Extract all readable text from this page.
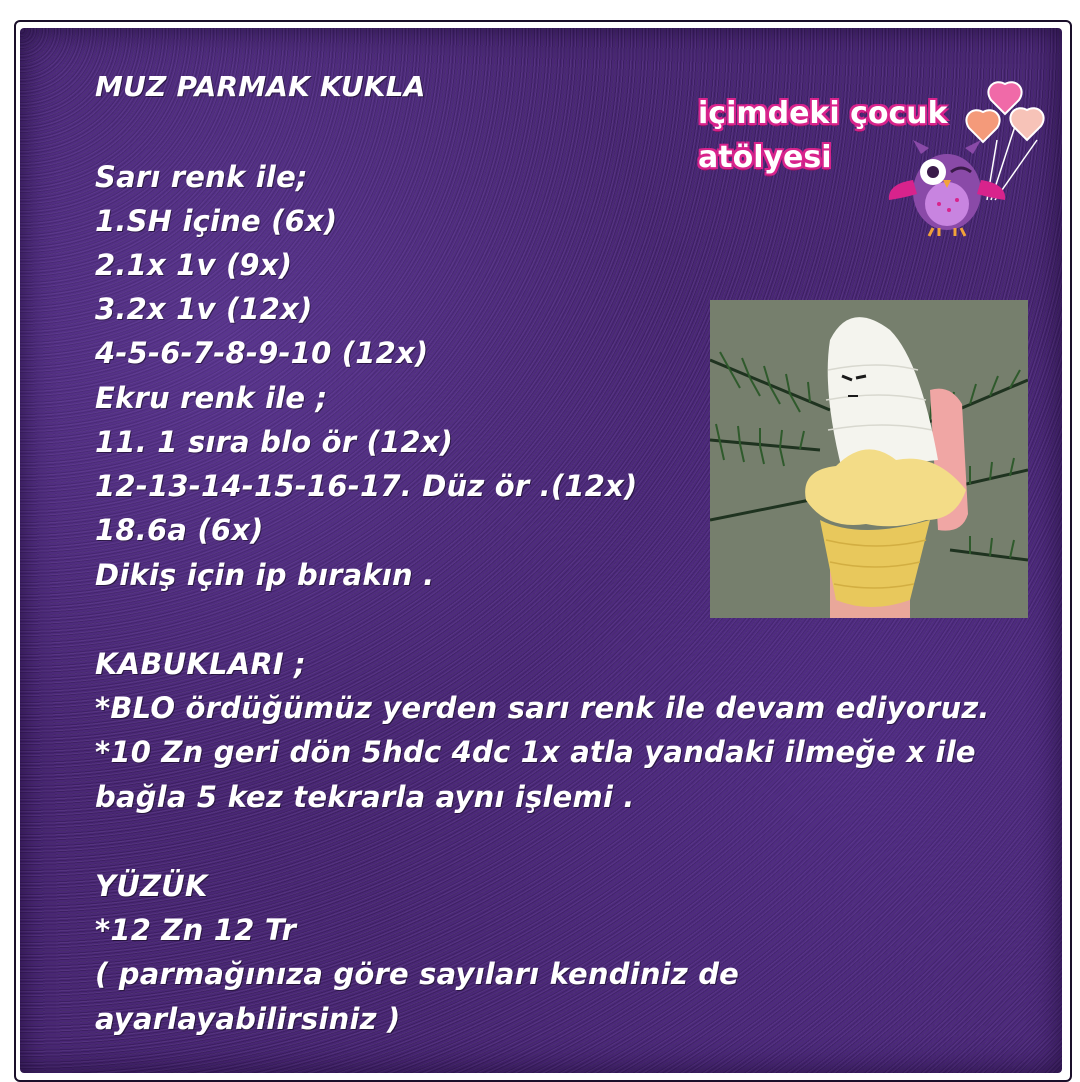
MUZ PARMAK KUKLA

Sarı renk ile;

1.SH içine (6x)

2.1x 1v (9x)

3.2x 1v (12x)

4-5-6-7-8-9-10 (12x)

Ekru renk ile ;

11. 1 sıra blo ör (12x)

12-13-14-15-16-17. Düz ör .(12x)

18.6a (6x)

Dikiş için ip bırakın .

KABUKLARI ;

*BLO ördüğümüz yerden sarı renk ile devam ediyoruz.

*10 Zn geri dön 5hdc 4dc 1x atla yandaki ilmeğe x ile

bağla 5 kez tekrarla aynı işlemi .

YÜZÜK

*12 Zn 12 Tr

( parmağınıza göre sayıları kendiniz de

ayarlayabilirsiniz )

içimdeki çocuk
atölyesi
